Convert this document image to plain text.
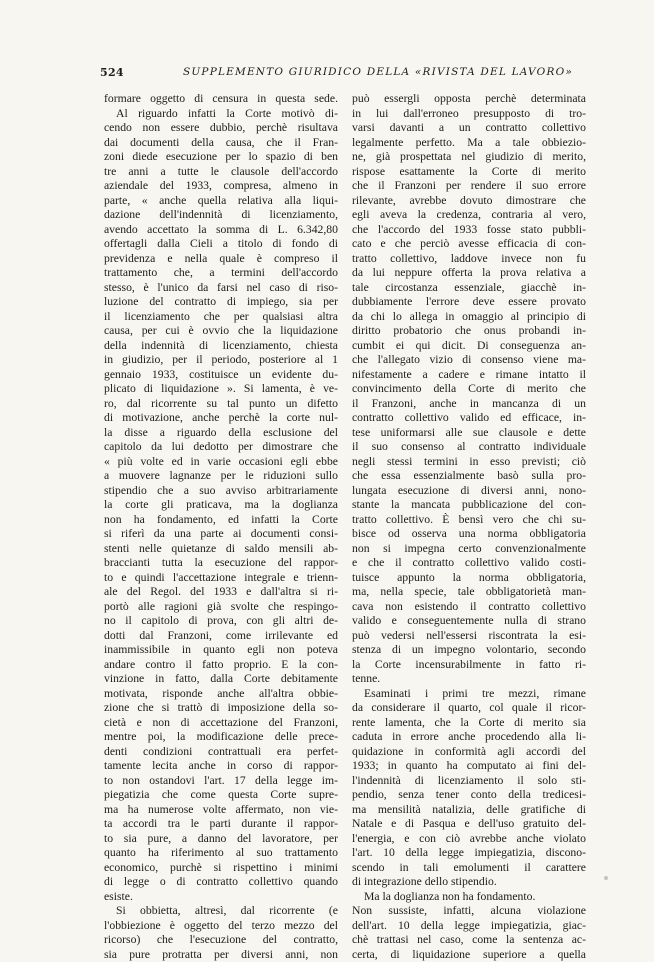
524	SUPPLEMENTO GIURIDICO DELLA «RIVISTA DEL LAVORO»
formare oggetto di censura in questa sede.
Al riguardo infatti la Corte motivò di-
cendo non essere dubbio, perchè risultava
dai documenti della causa, che il Fran-
zoni diede esecuzione per lo spazio di ben
tre anni a tutte le clausole dell'accordo
aziendale del 1933, compresa, almeno in
parte, « anche quella relativa alla liqui-
dazione dell'indennità di licenziamento,
avendo accettato la somma di L. 6.342,80
offertagli dalla Cieli a titolo di fondo di
previdenza e nella quale è compreso il
trattamento che, a termini dell'accordo
stesso, è l'unico da farsi nel caso di riso-
luzione del contratto di impiego, sia per
il licenziamento che per qualsiasi altra
causa, per cui è ovvio che la liquidazione
della indennità di licenziamento, chiesta
in giudizio, per il periodo, posteriore al 1
gennaio 1933, costituisce un evidente du-
plicato di liquidazione ». Si lamenta, è ve-
ro, dal ricorrente su tal punto un difetto
di motivazione, anche perchè la corte nul-
la disse a riguardo della esclusione del
capitolo da lui dedotto per dimostrare che
« più volte ed in varie occasioni egli ebbe
a muovere lagnanze per le riduzioni sullo
stipendio che a suo avviso arbitrariamente
la corte gli praticava, ma la doglianza
non ha fondamento, ed infatti la Corte
si riferì da una parte ai documenti consi-
stenti nelle quietanze di saldo mensili ab-
braccianti tutta la esecuzione del rappor-
to e quindi l'accettazione integrale e trienn-
ale del Regol. del 1933 e dall'altra si ri-
portò alle ragioni già svolte che respingo-
no il capitolo di prova, con gli altri de-
dotti dal Franzoni, come irrilevante ed
inammissibile in quanto egli non poteva
andare contro il fatto proprio. E la con-
vinzione in fatto, dalla Corte debitamente
motivata, risponde anche all'altra obbie-
zione che si trattò di imposizione della so-
cietà e non di accettazione del Franzoni,
mentre poi, la modificazione delle prece-
denti condizioni contrattuali era perfet-
tamente lecita anche in corso di rappor-
to non ostandovi l'art. 17 della legge im-
piegatizia che come questa Corte supre-
ma ha numerose volte affermato, non vie-
ta accordi tra le parti durante il rappor-
to sia pure, a danno del lavoratore, per
quanto ha riferimento al suo trattamento
economico, purchè si rispettino i minimi
di legge o di contratto collettivo quando
esiste.
Si obbietta, altresì, dal ricorrente (e
l'obbiezione è oggetto del terzo mezzo del
ricorso) che l'esecuzione del contratto,
sia pure protratta per diversi anni, non
può essergli opposta perchè determinata
in lui dall'erroneo presupposto di tro-
varsi davanti a un contratto collettivo
legalmente perfetto. Ma a tale obbiezio-
ne, già prospettata nel giudizio di merito,
rispose esattamente la Corte di merito
che il Franzoni per rendere il suo errore
rilevante, avrebbe dovuto dimostrare che
egli aveva la credenza, contraria al vero,
che l'accordo del 1933 fosse stato pubbli-
cato e che perciò avesse efficacia di con-
tratto collettivo, laddove invece non fu
da lui neppure offerta la prova relativa a
tale circostanza essenziale, giacchè in-
dubbiamente l'errore deve essere provato
da chi lo allega in omaggio al principio di
diritto probatorio che onus probandi in-
cumbit ei qui dicit. Di conseguenza an-
che l'allegato vizio di consenso viene ma-
nifestamente a cadere e rimane intatto il
convincimento della Corte di merito che
il Franzoni, anche in mancanza di un
contratto collettivo valido ed efficace, in-
tese uniformarsi alle sue clausole e dette
il suo consenso al contratto individuale
negli stessi termini in esso previsti; ciò
che essa essenzialmente basò sulla pro-
lungata esecuzione di diversi anni, nono-
stante la mancata pubblicazione del con-
tratto collettivo. È bensì vero che chi su-
bisce od osserva una norma obbligatoria
non si impegna certo convenzionalmente
e che il contratto collettivo valido costi-
tuisce appunto la norma obbligatoria,
ma, nella specie, tale obbligatorietà man-
cava non esistendo il contratto collettivo
valido e conseguentemente nulla di strano
può vedersi nell'essersi riscontrata la esi-
stenza di un impegno volontario, secondo
la Corte incensurabilmente in fatto ri-
tenne.
Esaminati i primi tre mezzi, rimane
da considerare il quarto, col quale il ricor-
rente lamenta, che la Corte di merito sia
caduta in errore anche procedendo alla li-
quidazione in conformità agli accordi del
1933; in quanto ha computato ai fini del-
l'indennità di licenziamento il solo sti-
pendio, senza tener conto della tredicesi-
ma mensilità natalizia, delle gratifiche di
Natale e di Pasqua e dell'uso gratuito del-
l'energia, e con ciò avrebbe anche violato
l'art. 10 della legge impiegatizia, discono-
scendo in tali emolumenti il carattere
di integrazione dello stipendio.
Ma la doglianza non ha fondamento.
Non sussiste, infatti, alcuna violazione
dell'art. 10 della legge impiegatizia, giac-
chè trattasi nel caso, come la sentenza ac-
certa, di liquidazione superiore a quella
